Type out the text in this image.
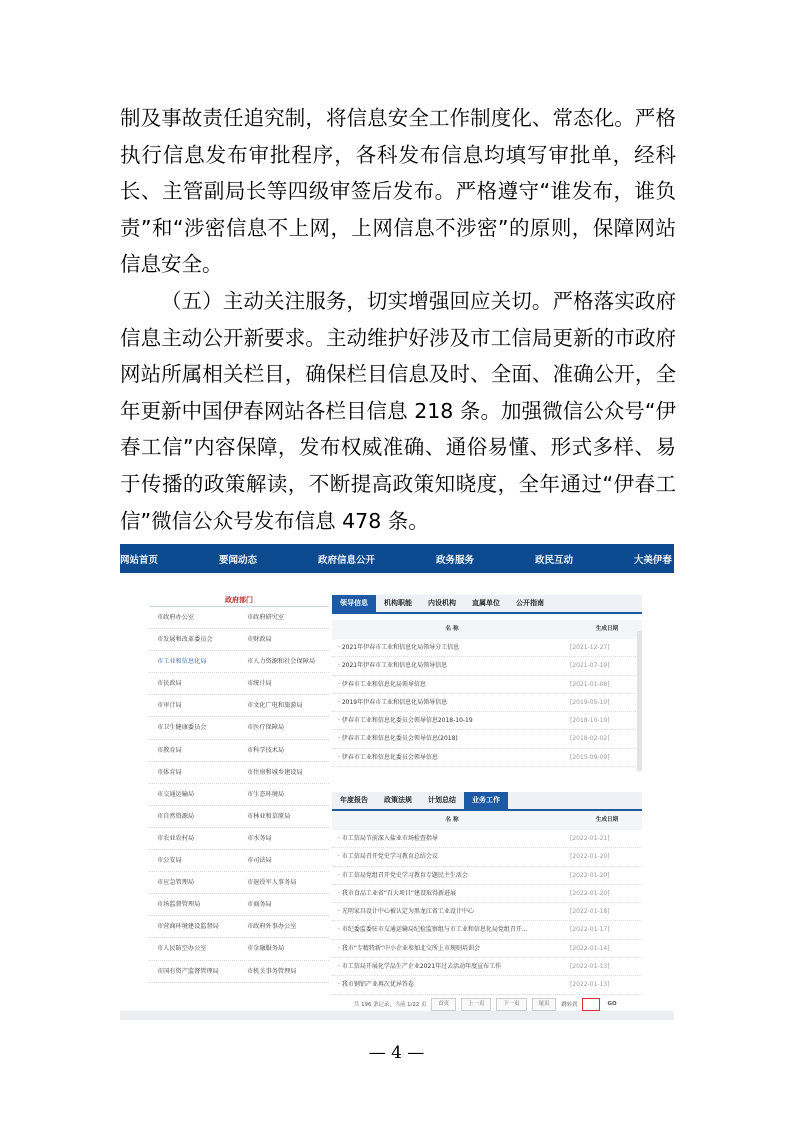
制及事故责任追究制，将信息安全工作制度化、常态化。严格执行信息发布审批程序，各科发布信息均填写审批单，经科长、主管副局长等四级审签后发布。严格遵守“谁发布，谁负责”和“涉密信息不上网，上网信息不涉密”的原则，保障网站信息安全。

（五）主动关注服务，切实增强回应关切。严格落实政府信息主动公开新要求。主动维护好涉及市工信局更新的市政府网站所属相关栏目，确保栏目信息及时、全面、准确公开，全年更新中国伊春网站各栏目信息 218 条。加强微信公众号“伊春工信”内容保障，发布权威准确、通俗易懂、形式多样、易于传播的政策解读，不断提高政策知晓度，全年通过“伊春工信”微信公众号发布信息 478 条。

网站首页	要闻动态	政府信息公开	政务服务	政民互动	大美伊春
政府部门
市政府办公室	市政府研究室
市发展和改革委员会	市财政局
市工业和信息化局	市人力资源和社会保障局
市民政局	市统计局
市审计局	市文化广电和旅游局
市卫生健康委员会	市医疗保障局
市教育局	市科学技术局
市体育局	市住房和城乡建设局
市交通运输局	市生态环境局
市自然资源局	市林业和草原局
市农业农村局	市水务局
市公安局	市司法局
市应急管理局	市退役军人事务局
市场监督管理局	市商务局
市营商环境建设监督局	市政府外事办公室
市人民防空办公室	市金融服务局
市国有资产监督管理局	市机关事务管理局
领导信息	机构职能	内设机构	直属单位	公开指南
名 称	生成日期
· 2021年伊春市工业和信息化局领导分工信息	[2021-12-27]
· 2021年伊春市工业和信息化局领导信息	[2021-07-19]
· 伊春市工业和信息化局领导信息	[2021-01-08]
· 2019年伊春市工业和信息化局领导信息	[2019-05-10]
· 伊春市工业和信息化委员会领导信息2018-10-19	[2018-10-19]
· 伊春市工业和信息化委员会领导信息(2018)	[2018-02-02]
· 伊春市工业和信息化委员会领导信息	[2015-09-09]
年度报告	政策法规	计划总结	业务工作
名 称	生成日期
· 市工信局节前深入盐业市场检查指导	[2022-01-21]
· 市工信局召开党史学习教育总结会议	[2022-01-20]
· 市工信局党组召开党史学习教育专题民主生活会	[2022-01-20]
· 我市食品工业省“百大项目”建设取得新进展	[2022-01-20]
· 光明家具设计中心被认定为黑龙江省工业设计中心	[2022-01-18]
· 市纪委监委驻市交通运输局纪检监察组与市工业和信息化局党组召开...	[2022-01-17]
· 我市“专精特新”中小企业参加北交所上市规则培训会	[2022-01-14]
· 市工信局开展化学品生产企业2021年过去活动年度宣布工作	[2022-01-13]
· 我市钢铝产业再次优异答卷	[2022-01-13]
共 196 条记录，当前 1/22 页	首页	上一页	下一页	尾页	跳转到	GO
— 4 —
